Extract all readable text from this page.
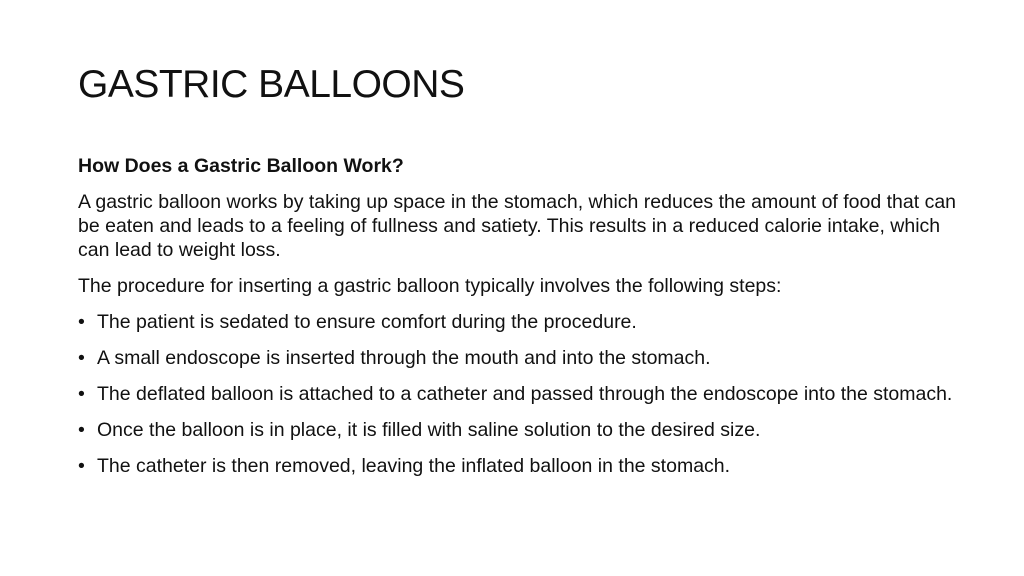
GASTRIC BALLOONS

How Does a Gastric Balloon Work?

A gastric balloon works by taking up space in the stomach, which reduces the amount of food that can be eaten and leads to a feeling of fullness and satiety. This results in a reduced calorie intake, which can lead to weight loss.

The procedure for inserting a gastric balloon typically involves the following steps:

• The patient is sedated to ensure comfort during the procedure.
• A small endoscope is inserted through the mouth and into the stomach.
• The deflated balloon is attached to a catheter and passed through the endoscope into the stomach.
• Once the balloon is in place, it is filled with saline solution to the desired size.
• The catheter is then removed, leaving the inflated balloon in the stomach.
